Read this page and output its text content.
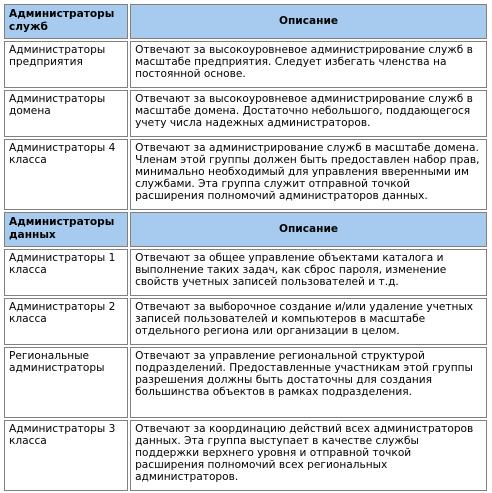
Администраторы служб	Описание
Администраторы предприятия	Отвечают за высокоуровневое администрирование служб в масштабе предприятия. Следует избегать членства на постоянной основе.
Администраторы домена	Отвечают за высокоуровневое администрирование служб в масштабе домена. Достаточно небольшого, поддающегося учету числа надежных администраторов.
Администраторы 4 класса	Отвечают за администрирование служб в масштабе домена. Членам этой группы должен быть предоставлен набор прав, минимально необходимый для управления вверенными им службами. Эта группа служит отправной точкой расширения полномочий администраторов данных.
Администраторы данных	Описание
Администраторы 1 класса	Отвечают за общее управление объектами каталога и выполнение таких задач, как сброс пароля, изменение свойств учетных записей пользователей и т.д.
Администраторы 2 класса	Отвечают за выборочное создание и/или удаление учетных записей пользователей и компьютеров в масштабе отдельного региона или организации в целом.
Региональные администраторы	Отвечают за управление региональной структурой подразделений. Предоставленные участникам этой группы разрешения должны быть достаточны для создания большинства объектов в рамках подразделения.
Администраторы 3 класса	Отвечают за координацию действий всех администраторов данных. Эта группа выступает в качестве службы поддержки верхнего уровня и отправной точкой расширения полномочий всех региональных администраторов.
